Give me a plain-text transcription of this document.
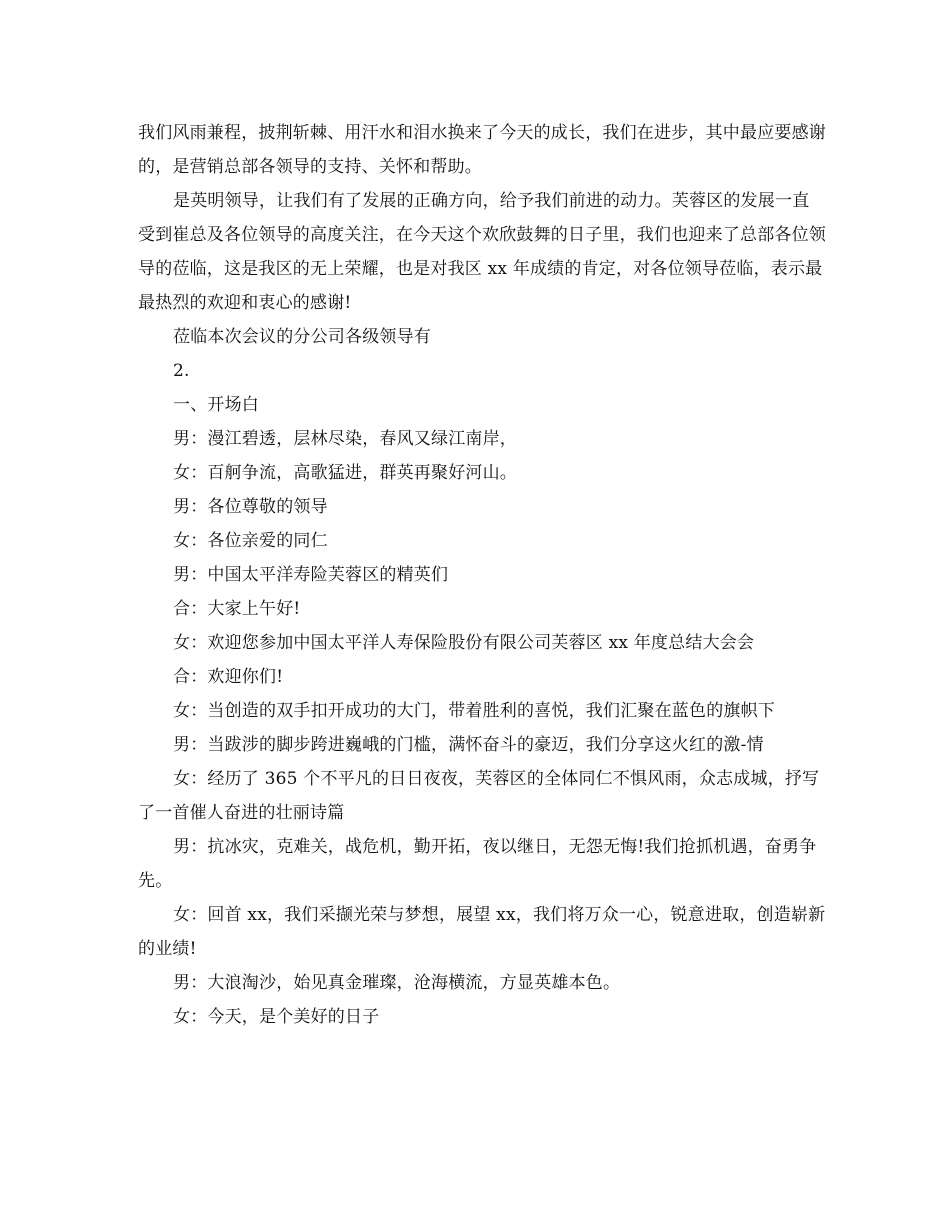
我们风雨兼程，披荆斩棘、用汗水和泪水换来了今天的成长，我们在进步，其中最应要感谢的，是营销总部各领导的支持、关怀和帮助。

是英明领导，让我们有了发展的正确方向，给予我们前进的动力。芙蓉区的发展一直受到崔总及各位领导的高度关注，在今天这个欢欣鼓舞的日子里，我们也迎来了总部各位领导的莅临，这是我区的无上荣耀，也是对我区 xx 年成绩的肯定，对各位领导莅临，表示最最热烈的欢迎和衷心的感谢!

莅临本次会议的分公司各级领导有

2.

一、开场白

男：漫江碧透，层林尽染，春风又绿江南岸，

女：百舸争流，高歌猛进，群英再聚好河山。

男：各位尊敬的领导

女：各位亲爱的同仁

男：中国太平洋寿险芙蓉区的精英们

合：大家上午好!

女：欢迎您参加中国太平洋人寿保险股份有限公司芙蓉区 xx 年度总结大会会

合：欢迎你们!

女：当创造的双手扣开成功的大门，带着胜利的喜悦，我们汇聚在蓝色的旗帜下

男：当跋涉的脚步跨进巍峨的门槛，满怀奋斗的豪迈，我们分享这火红的激-情

女：经历了 365 个不平凡的日日夜夜，芙蓉区的全体同仁不惧风雨，众志成城，抒写了一首催人奋进的壮丽诗篇

男：抗冰灾，克难关，战危机，勤开拓，夜以继日，无怨无悔!我们抢抓机遇，奋勇争先。

女：回首 xx，我们采撷光荣与梦想，展望 xx，我们将万众一心，锐意进取，创造崭新的业绩!

男：大浪淘沙，始见真金璀璨，沧海横流，方显英雄本色。

女：今天，是个美好的日子
